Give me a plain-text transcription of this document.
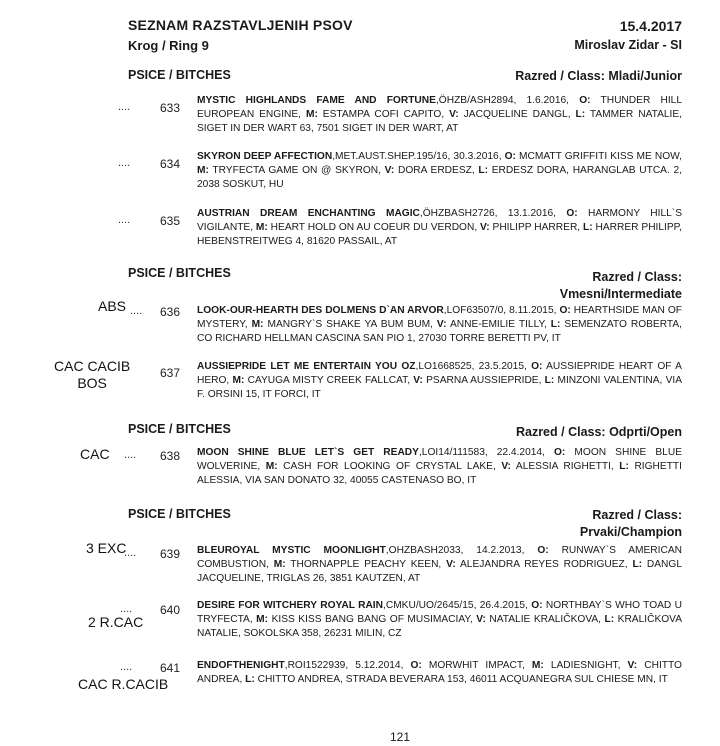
SEZNAM RAZSTAVLJENIH PSOV
Krog / Ring 9
15.4.2017
Miroslav Zidar - SI
PSICE / BITCHES	Razred / Class: Mladi/Junior
PSICE / BITCHES	Razred / Class:
Vmesni/Intermediate
PSICE / BITCHES	Razred / Class: Odprti/Open
PSICE / BITCHES	Razred / Class:
Prvaki/Champion
.... 633

MYSTIC HIGHLANDS FAME AND FORTUNE,ÖHZB/ASH2894, 1.6.2016, O: THUNDER HILL EUROPEAN ENGINE, M: ESTAMPA COFI CAPITO, V: JACQUELINE DANGL, L: TAMMER NATALIE, SIGET IN DER WART 63, 7501 SIGET IN DER WART, AT

.... 634

SKYRON DEEP AFFECTION,MET.AUST.SHEP.195/16, 30.3.2016, O: MCMATT GRIFFITI KISS ME NOW, M: TRYFECTA GAME ON @ SKYRON, V: DORA ERDESZ, L: ERDESZ DORA, HARANGLAB UTCA. 2, 2038 SOSKUT, HU

.... 635

AUSTRIAN DREAM ENCHANTING MAGIC,ÖHZBASH2726, 13.1.2016, O: HARMONY HILL`S VIGILANTE, M: HEART HOLD ON AU COEUR DU VERDON, V: PHILIPP HARRER, L: HARRER PHILIPP, HEBENSTREITWEG 4, 81620 PASSAIL, AT

.... 636
ABS	LOOK-OUR-HEARTH DES DOLMENS D`AN ARVOR,LOF63507/0, 8.11.2015, O: HEARTHSIDE MAN OF MYSTERY, M: MANGRY`S SHAKE YA BUM BUM, V: ANNE-EMILIE TILLY, L: SEMENZATO ROBERTA, CO RICHARD HELLMAN CASCINA SAN PIO 1, 27030 TORRE BERETTI PV, IT

637
CAC CACIB
BOS

AUSSIEPRIDE LET ME ENTERTAIN YOU OZ,LO1668525, 23.5.2015, O: AUSSIEPRIDE HEART OF A HERO, M: CAYUGA MISTY CREEK FALLCAT, V: PSARNA AUSSIEPRIDE, L: MINZONI VALENTINA, VIA F. ORSINI 15, IT FORCI, IT

.... 638
CAC	MOON SHINE BLUE LET`S GET READY,LOI14/111583, 22.4.2014, O: MOON SHINE BLUE WOLVERINE, M: CASH FOR LOOKING OF CRYSTAL LAKE, V: ALESSIA RIGHETTI, L: RIGHETTI ALESSIA, VIA SAN DONATO 32, 40055 CASTENASO BO, IT

.... 639
3 EXC	BLEUROYAL MYSTIC MOONLIGHT,OHZBASH2033, 14.2.2013, O: RUNWAY`S AMERICAN COMBUSTION, M: THORNAPPLE PEACHY KEEN, V: ALEJANDRA REYES RODRIGUEZ, L: DANGL JACQUELINE, TRIGLAS 26, 3851 KAUTZEN, AT

.... 640
2 R.CAC

DESIRE FOR WITCHERY ROYAL RAIN,CMKU/UO/2645/15, 26.4.2015, O: NORTHBAY`S WHO TOAD U TRYFECTA, M: KISS KISS BANG BANG OF MUSIMACIAY, V: NATALIE KRALIČKOVA, L: KRALIČKOVA NATALIE, SOKOLSKA 358, 26231 MILIN, CZ

.... 641
CAC R.CACIB

ENDOFTHENIGHT,ROI1522939, 5.12.2014, O: MORWHIT IMPACT, M: LADIESNIGHT, V: CHITTO ANDREA, L: CHITTO ANDREA, STRADA BEVERARA 153, 46011 ACQUANEGRA SUL CHIESE MN, IT

121
